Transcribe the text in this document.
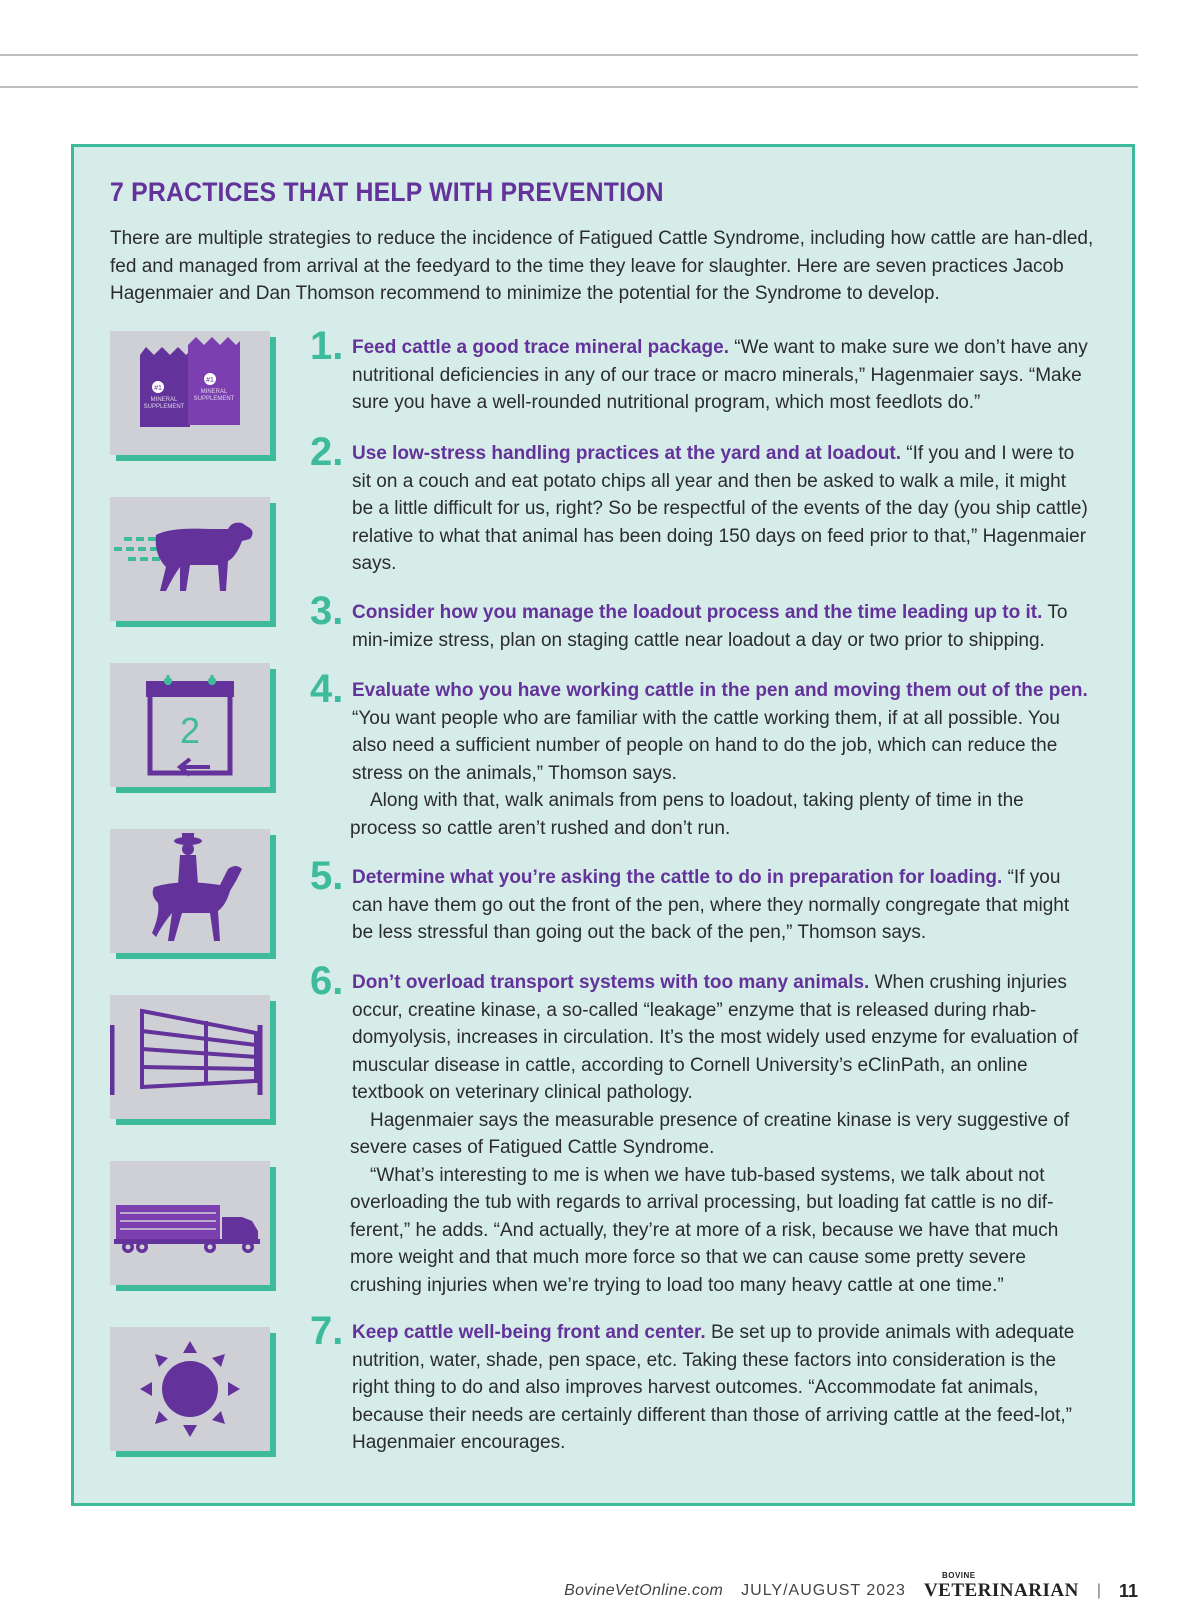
7 PRACTICES THAT HELP WITH PREVENTION

There are multiple strategies to reduce the incidence of Fatigued Cattle Syndrome, including how cattle are han-dled, fed and managed from arrival at the feedyard to the time they leave for slaughter. Here are seven practices Jacob Hagenmaier and Dan Thomson recommend to minimize the potential for the Syndrome to develop.

#1
MINERAL
SUPPLEMENT
#1
MINERAL
SUPPLEMENT
2
1. Feed cattle a good trace mineral package. “We want to make sure we don’t have any nutritional deficiencies in any of our trace or macro minerals,” Hagenmaier says. “Make sure you have a well-rounded nutritional program, which most feedlots do.”

2. Use low-stress handling practices at the yard and at loadout. “If you and I were to sit on a couch and eat potato chips all year and then be asked to walk a mile, it might be a little difficult for us, right? So be respectful of the events of the day (you ship cattle) relative to what that animal has been doing 150 days on feed prior to that,” Hagenmaier says.

3. Consider how you manage the loadout process and the time leading up to it. To min-imize stress, plan on staging cattle near loadout a day or two prior to shipping.

4. Evaluate who you have working cattle in the pen and moving them out of the pen. “You want people who are familiar with the cattle working them, if at all possible. You also need a sufficient number of people on hand to do the job, which can reduce the stress on the animals,” Thomson says.

Along with that, walk animals from pens to loadout, taking plenty of time in the process so cattle aren’t rushed and don’t run.

5. Determine what you’re asking the cattle to do in preparation for loading. “If you can have them go out the front of the pen, where they normally congregate that might be less stressful than going out the back of the pen,” Thomson says.

6. Don’t overload transport systems with too many animals. When crushing injuries occur, creatine kinase, a so-called “leakage” enzyme that is released during rhab-domyolysis, increases in circulation. It’s the most widely used enzyme for evaluation of muscular disease in cattle, according to Cornell University’s eClinPath, an online textbook on veterinary clinical pathology.

Hagenmaier says the measurable presence of creatine kinase is very suggestive of severe cases of Fatigued Cattle Syndrome.

“What’s interesting to me is when we have tub-based systems, we talk about not overloading the tub with regards to arrival processing, but loading fat cattle is no dif-ferent,” he adds. “And actually, they’re at more of a risk, because we have that much more weight and that much more force so that we can cause some pretty severe crushing injuries when we’re trying to load too many heavy cattle at one time.”

7. Keep cattle well-being front and center. Be set up to provide animals with adequate nutrition, water, shade, pen space, etc. Taking these factors into consideration is the right thing to do and also improves harvest outcomes. “Accommodate fat animals, because their needs are certainly different than those of arriving cattle at the feed-lot,” Hagenmaier encourages.

BovineVetOnline.com JULY/AUGUST 2023
BOVINE
VETERINARIAN | 11
